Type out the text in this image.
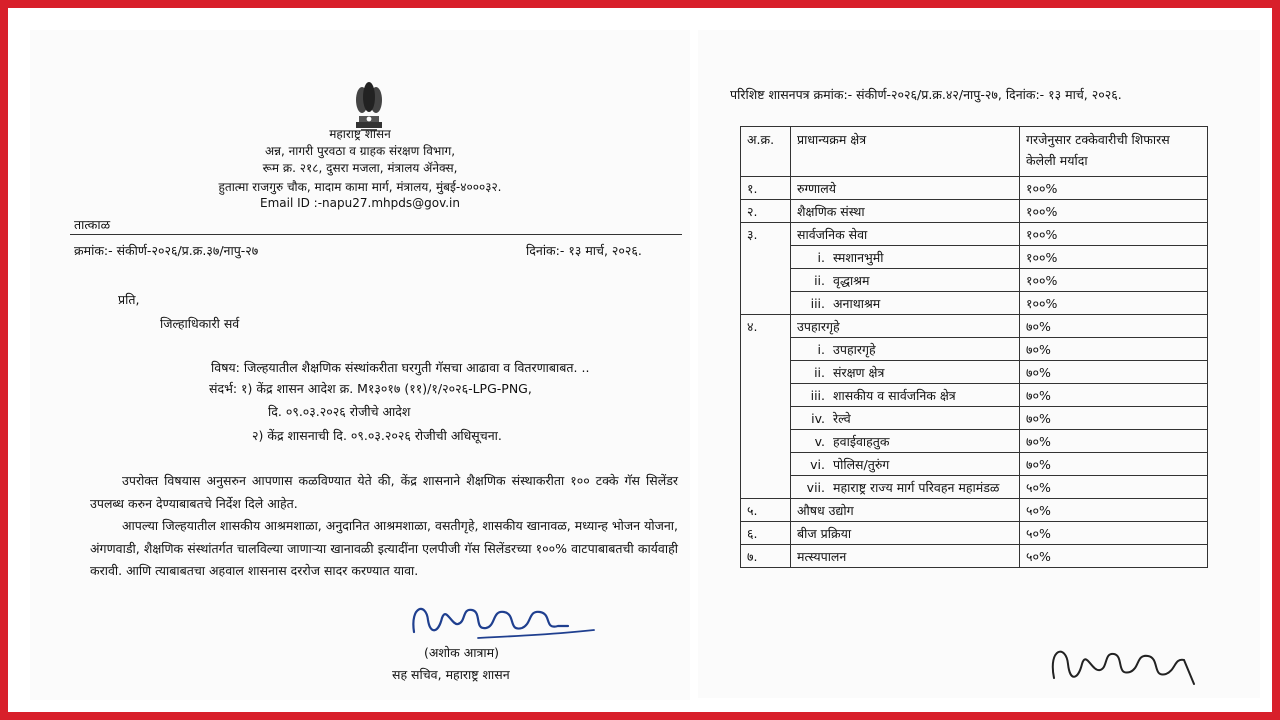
महाराष्ट्र शासन
अन्न, नागरी पुरवठा व ग्राहक संरक्षण विभाग,
रूम क्र. २१८, दुसरा मजला, मंत्रालय ॲनेक्स,
हुतात्मा राजगुरु चौक, मादाम कामा मार्ग, मंत्रालय, मुंबई-४०००३२.
Email ID :-napu27.mhpds@gov.in
तात्काळ
क्रमांक:- संकीर्ण-२०२६/प्र.क्र.३७/नापु-२७	दिनांक:- १३ मार्च, २०२६.
प्रति,
जिल्हाधिकारी सर्व
विषय: जिल्हयातील शैक्षणिक संस्थांकरीता घरगुती गॅसचा आढावा व वितरणाबाबत. ..
संदर्भ: १) केंद्र शासन आदेश क्र. M१३०१७ (११)/१/२०२६-LPG-PNG,
दि. ०९.०३.२०२६ रोजीचे आदेश
२) केंद्र शासनाची दि. ०९.०३.२०२६ रोजीची अधिसूचना.

उपरोक्त विषयास अनुसरुन आपणास कळविण्यात येते की, केंद्र शासनाने शैक्षणिक संस्थाकरीता १०० टक्के गॅस सिलेंडर उपलब्ध करुन देण्याबाबतचे निर्देश दिले आहेत.

आपल्या जिल्हयातील शासकीय आश्रमशाळा, अनुदानित आश्रमशाळा, वसतीगृहे, शासकीय खानावळ, मध्यान्ह भोजन योजना, अंगणवाडी, शैक्षणिक संस्थांतर्गत चालविल्या जाणाऱ्या खानावळी इत्यादींना एलपीजी गॅस सिलेंडरच्या १००% वाटपाबाबतची कार्यवाही करावी. आणि त्याबाबतचा अहवाल शासनास दररोज सादर करण्यात यावा.

(अशोक आत्राम)
सह सचिव, महाराष्ट्र शासन
परिशिष्ट शासनपत्र क्रमांक:- संकीर्ण-२०२६/प्र.क्र.४२/नापु-२७, दिनांक:- १३ मार्च, २०२६.
अ.क्र.	प्राधान्यक्रम क्षेत्र	गरजेनुसार टक्केवारीची शिफारस केलेली मर्यादा
१.	रुग्णालये	१००%
२.	शैक्षणिक संस्था	१००%
३.	सार्वजनिक सेवा	१००%
	i. स्मशानभुमी	१००%
	ii. वृद्धाश्रम	१००%
	iii. अनाथाश्रम	१००%
४.	उपहारगृहे	७०%
	i. उपहारगृहे	७०%
	ii. संरक्षण क्षेत्र	७०%
	iii. शासकीय व सार्वजनिक क्षेत्र	७०%
	iv. रेल्वे	७०%
	v. हवाईवाहतुक	७०%
	vi. पोलिस/तुरुंग	७०%
	vii. महाराष्ट्र राज्य मार्ग परिवहन महामंडळ	५०%
५.	औषध उद्योग	५०%
६.	बीज प्रक्रिया	५०%
७.	मत्स्यपालन	५०%
